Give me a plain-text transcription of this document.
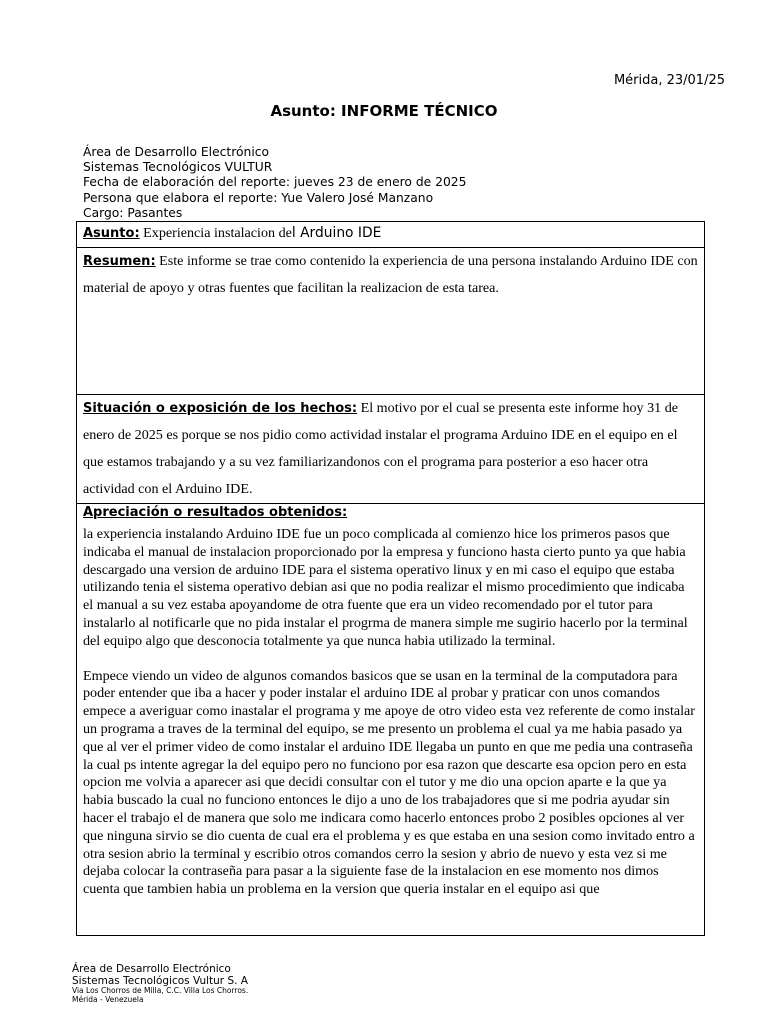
Mérida, 23/01/25
Asunto: INFORME TÉCNICO
Área de Desarrollo Electrónico
Sistemas Tecnológicos VULTUR
Fecha de elaboración del reporte: jueves 23 de enero de 2025
Persona que elabora el reporte: Yue Valero José Manzano
Cargo: Pasantes
Asunto: Experiencia instalacion del Arduino IDE
Resumen: Este informe se trae como contenido la experiencia de una persona instalando Arduino IDE con material de apoyo y otras fuentes que facilitan la realizacion de esta tarea.
Situación o exposición de los hechos: El motivo por el cual se presenta este informe hoy 31 de enero de 2025 es porque se nos pidio como actividad instalar el programa Arduino IDE en el equipo en el que estamos trabajando y a su vez familiarizandonos con el programa para posterior a eso hacer otra actividad con el Arduino IDE.
Apreciación o resultados obtenidos:

la experiencia instalando Arduino IDE fue un poco complicada al comienzo hice los primeros pasos que indicaba el manual de instalacion proporcionado por la empresa y funciono hasta cierto punto ya que habia descargado una version de arduino IDE para el sistema operativo linux y en mi caso el equipo que estaba utilizando tenia el sistema operativo debian asi que no podia realizar el mismo procedimiento que indicaba el manual a su vez estaba apoyandome de otra fuente que era un video recomendado por el tutor para instalarlo al notificarle que no pida instalar el progrma de manera simple me sugirio hacerlo por la terminal del equipo algo que desconocia totalmente ya que nunca habia utilizado la terminal.

Empece viendo un video de algunos comandos basicos que se usan en la terminal de la computadora para poder entender que iba a hacer y poder instalar el arduino IDE al probar y praticar con unos comandos empece a averiguar como inastalar el programa y me apoye de otro video esta vez referente de como instalar un programa a traves de la terminal del equipo, se me presento un problema el cual ya me habia pasado ya que al ver el primer video de como instalar el arduino IDE llegaba un punto en que me pedia una contraseña la cual ps intente agregar la del equipo pero no funciono por esa razon que descarte esa opcion pero en esta opcion me volvia a aparecer asi que decidi consultar con el tutor y me dio una opcion aparte e la que ya habia buscado la cual no funciono entonces le dijo a uno de los trabajadores que si me podria ayudar sin hacer el trabajo el de manera que solo me indicara como hacerlo entonces probo 2 posibles opciones al ver que ninguna sirvio se dio cuenta de cual era el problema y es que estaba en una sesion como invitado entro a otra sesion abrio la terminal y escribio otros comandos cerro la sesion y abrio de nuevo y esta vez si me dejaba colocar la contraseña para pasar a la siguiente fase de la instalacion en ese momento nos dimos cuenta que tambien habia un problema en la version que queria instalar en el equipo asi que

Área de Desarrollo Electrónico
Sistemas Tecnológicos Vultur S. A
Via Los Chorros de Milla, C.C. Villa Los Chorros.
Mérida - Venezuela
